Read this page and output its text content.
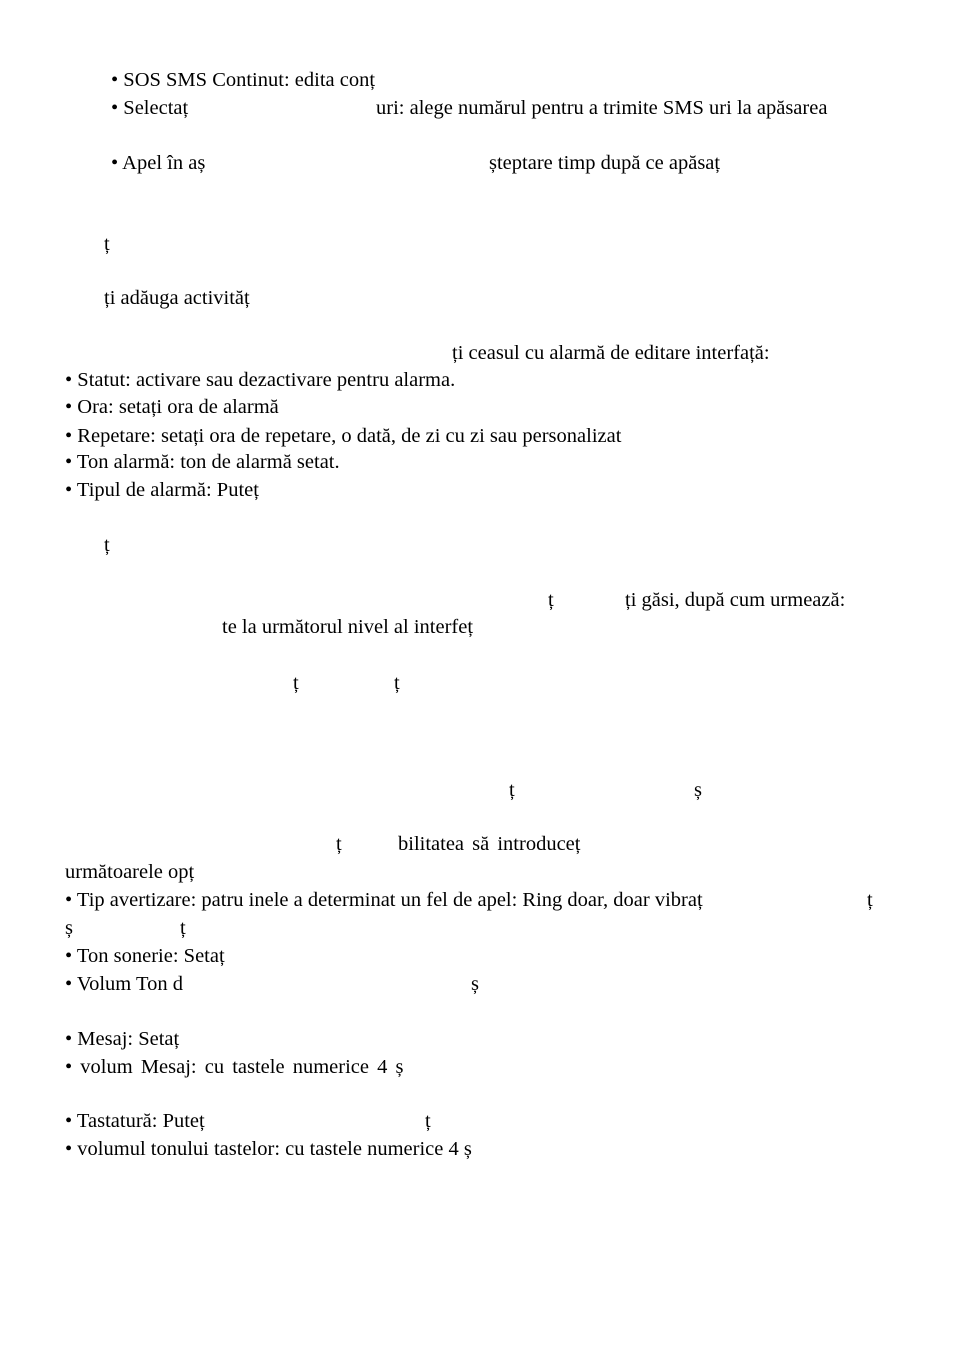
• SOS SMS Continut: edita conț
• Selectaț	uri: alege numărul pentru a trimite SMS uri la apăsarea
• Apel în aș	șteptare timp după ce apăsaț
ț
ți adăuga activităț
ți ceasul cu alarmă de editare interfață:
• Statut: activare sau dezactivare pentru alarma.
• Ora: setați ora de alarmă
• Repetare: setați ora de repetare, o dată, de zi cu zi sau personalizat
• Ton alarmă: ton de alarmă setat.
• Tipul de alarmă: Puteț
ț
ț	ți găsi, după cum urmează:
te la următorul nivel al interfeț
ț	ț
ț	ș
ț	bilitatea să introduceț
următoarele opț
• Tip avertizare: patru inele a determinat un fel de apel: Ring doar, doar vibraț	ț
ș	ț
• Ton sonerie: Setaț
• Volum Ton d	ș
• Mesaj: Setaț
• volum Mesaj: cu tastele numerice 4 ș
• Tastatură: Puteț	ț
• volumul tonului tastelor: cu tastele numerice 4 ș
